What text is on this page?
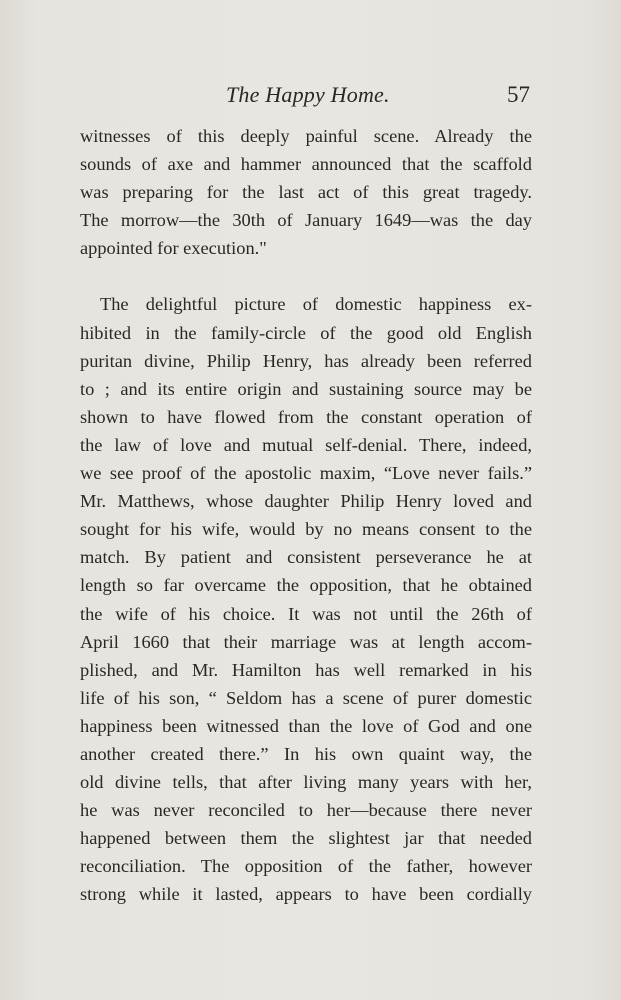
The Happy Home.	57

witnesses of this deeply painful scene. Already the
sounds of axe and hammer announced that the scaffold
was preparing for the last act of this great tragedy.
The morrow—the 30th of January 1649—was the day
appointed for execution."

The delightful picture of domestic happiness ex-
hibited in the family-circle of the good old English
puritan divine, Philip Henry, has already been referred
to ; and its entire origin and sustaining source may be
shown to have flowed from the constant operation of
the law of love and mutual self-denial. There, indeed,
we see proof of the apostolic maxim, “Love never fails.”
Mr. Matthews, whose daughter Philip Henry loved and
sought for his wife, would by no means consent to the
match. By patient and consistent perseverance he at
length so far overcame the opposition, that he obtained
the wife of his choice. It was not until the 26th of
April 1660 that their marriage was at length accom-
plished, and Mr. Hamilton has well remarked in his
life of his son, “ Seldom has a scene of purer domestic
happiness been witnessed than the love of God and one
another created there.” In his own quaint way, the
old divine tells, that after living many years with her,
he was never reconciled to her—because there never
happened between them the slightest jar that needed
reconciliation. The opposition of the father, however
strong while it lasted, appears to have been cordially
